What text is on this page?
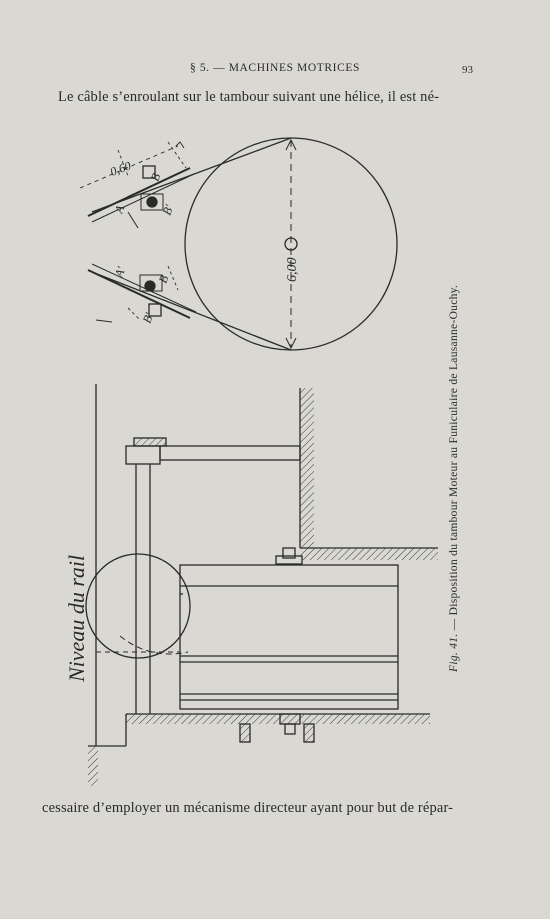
§ 5. — MACHINES MOTRICES	93
Le câble s’enroulant sur le tambour suivant une hélice, il est né-
0,60
A
B
B'
A'
B
B'
6,00
Niveau du rail	Fig. 41. — Disposition du tambour Moteur au Funiculaire de Lausanne-Ouchy.
cessaire d’employer un mécanisme directeur ayant pour but de répar-
